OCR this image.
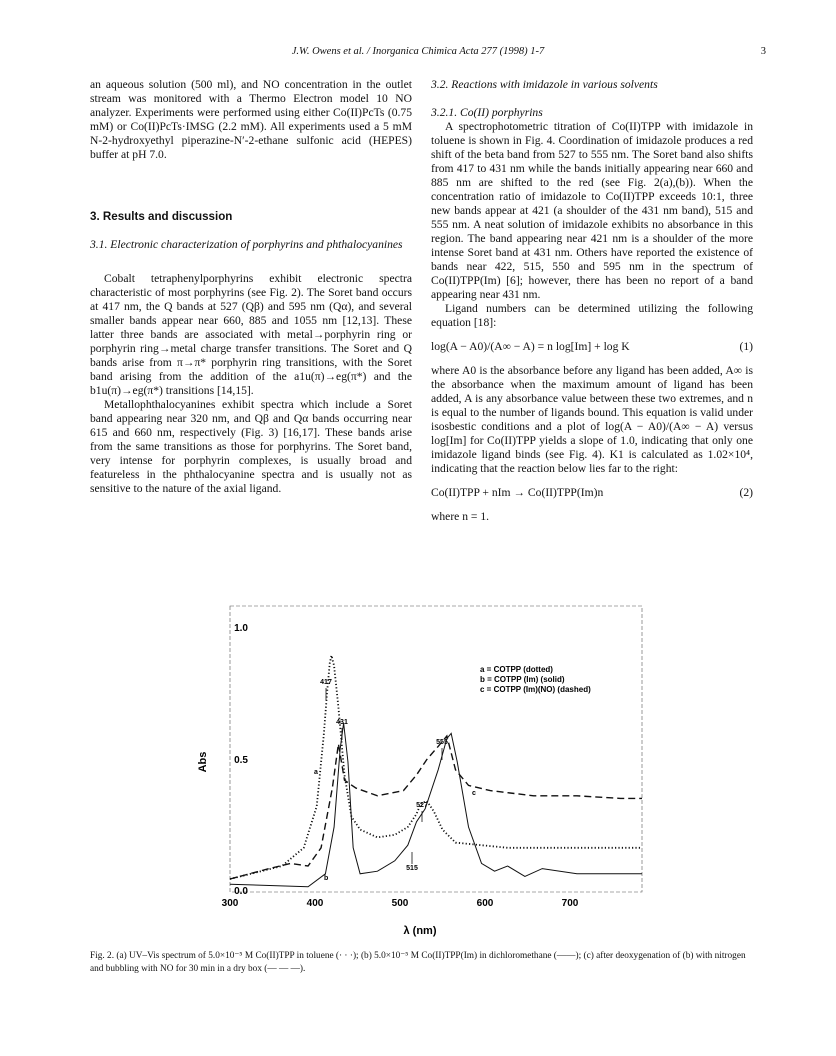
J.W. Owens et al. / Inorganica Chimica Acta 277 (1998) 1-7	3

an aqueous solution (500 ml), and NO concentration in the outlet stream was monitored with a Thermo Electron model 10 NO analyzer. Experiments were performed using either Co(II)PcTs (0.75 mM) or Co(II)PcTs·IMSG (2.2 mM). All experiments used a 5 mM N-2-hydroxyethyl piperazine-N′-2-ethane sulfonic acid (HEPES) buffer at pH 7.0.

3. Results and discussion
3.1. Electronic characterization of porphyrins and phthalocyanines

Cobalt tetraphenylporphyrins exhibit electronic spectra characteristic of most porphyrins (see Fig. 2). The Soret band occurs at 417 nm, the Q bands at 527 (Qβ) and 595 nm (Qα), and several smaller bands appear near 660, 885 and 1055 nm [12,13]. These latter three bands are associated with metal→porphyrin ring or porphyrin ring→metal charge transfer transitions. The Soret and Q bands arise from π→π* porphyrin ring transitions, with the Soret band arising from the addition of the a1u(π)→eg(π*) and the b1u(π)→eg(π*) transitions [14,15].

Metallophthalocyanines exhibit spectra which include a Soret band appearing near 320 nm, and Qβ and Qα bands occurring near 615 and 660 nm, respectively (Fig. 3) [16,17]. These bands arise from the same transitions as those for porphyrins. The Soret band, very intense for porphyrin complexes, is usually broad and featureless in the phthalocyanine spectra and is usually not as sensitive to the nature of the axial ligand.

3.2. Reactions with imidazole in various solvents
3.2.1. Co(II) porphyrins

A spectrophotometric titration of Co(II)TPP with imidazole in toluene is shown in Fig. 4. Coordination of imidazole produces a red shift of the beta band from 527 to 555 nm. The Soret band also shifts from 417 to 431 nm while the bands initially appearing near 660 and 885 nm are shifted to the red (see Fig. 2(a),(b)). When the concentration ratio of imidazole to Co(II)TPP exceeds 10:1, three new bands appear at 421 (a shoulder of the 431 nm band), 515 and 555 nm. A neat solution of imidazole exhibits no absorbance in this region. The band appearing near 421 nm is a shoulder of the more intense Soret band at 431 nm. Others have reported the existence of bands near 422, 515, 550 and 595 nm in the spectrum of Co(II)TPP(Im) [6]; however, there has been no report of a band appearing near 431 nm.

Ligand numbers can be determined utilizing the following equation [18]:

log(A − A0)/(A∞ − A) = n log[Im] + log K	(1)

where A0 is the absorbance before any ligand has been added, A∞ is the absorbance when the maximum amount of ligand has been added, A is any absorbance value between these two extremes, and n is equal to the number of ligands bound. This equation is valid under isosbestic conditions and a plot of log(A − A0)/(A∞ − A) versus log[Im] for Co(II)TPP yields a slope of 1.0, indicating that only one imidazole ligand binds (see Fig. 4). K1 is calculated as 1.02×10⁴, indicating that the reaction below lies far to the right:

Co(II)TPP + nIm → Co(II)TPP(Im)n	(2)

where n = 1.

1.0
0.5
0.0
Abs
300	400	500	600	700
λ (nm)
a = COTPP (dotted)
b = COTPP (Im) (solid)
c = COTPP (Im)(NO) (dashed)
417
431
555
527
515
a
b
c
Fig. 2. (a) UV–Vis spectrum of 5.0×10⁻⁵ M Co(II)TPP in toluene (· · ·); (b) 5.0×10⁻⁵ M Co(II)TPP(Im) in dichloromethane (——); (c) after deoxygenation of (b) with nitrogen and bubbling with NO for 30 min in a dry box (— — —).
